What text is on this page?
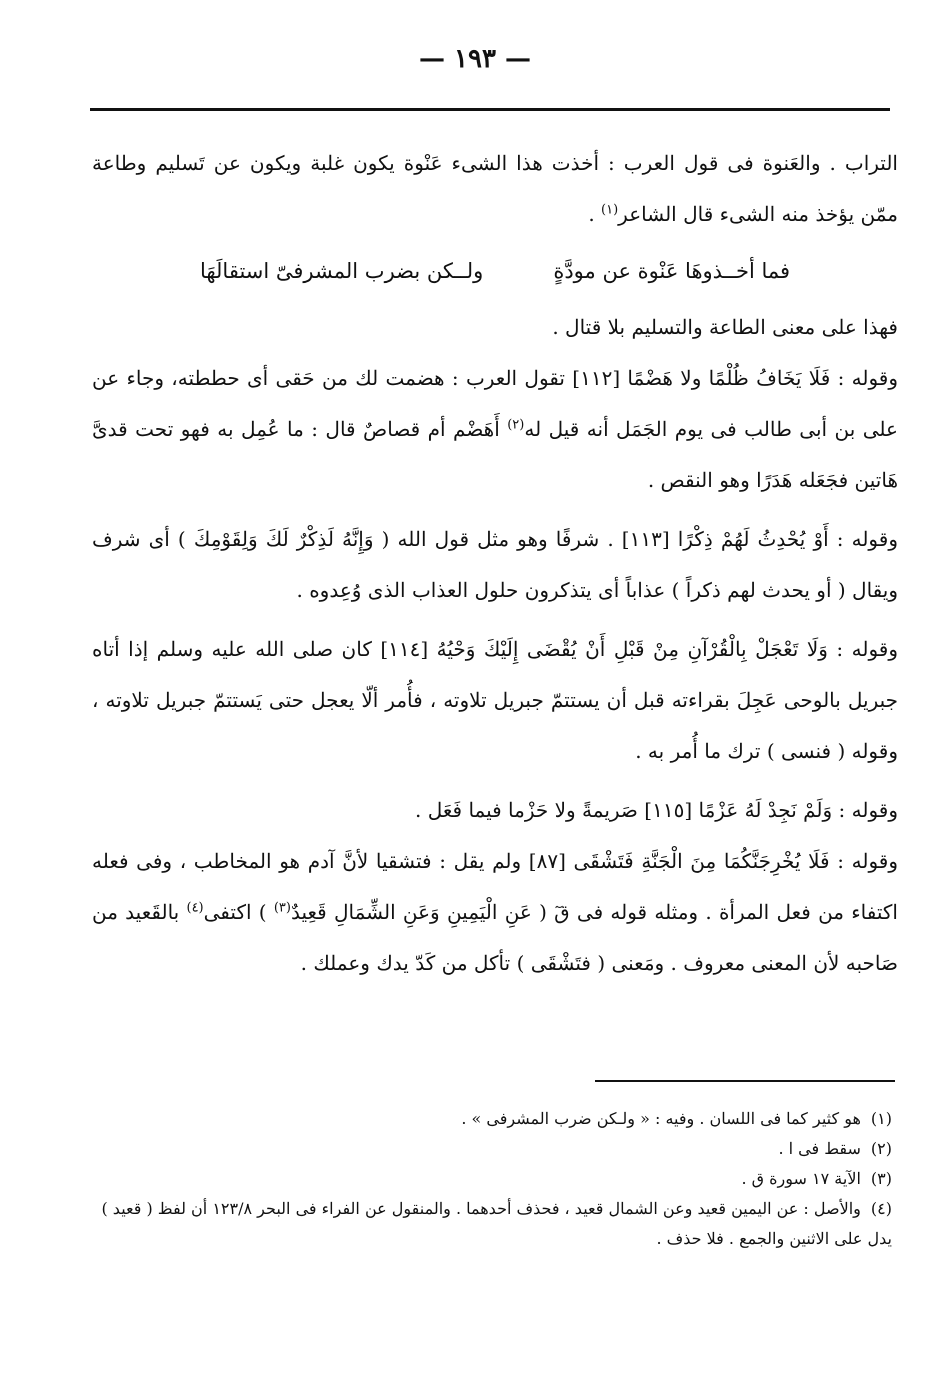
— ١٩٣ —

التراب . والعَنوة فى قول العرب : أخذت هذا الشىء عَنْوة يكون غلبة ويكون عن تَسليم وطاعة ممّن يؤخذ منه الشىء قال الشاعر$^{(١)}$ .

فما أخــذوهَا عَنْوة عن مودَّةٍ
ولــكن بضرب المشرفىّ استقالَهَا

فهذا على معنى الطاعة والتسليم بلا قتال .

وقوله : فَلَا يَخَافُ ظُلْمًا ولا هَضْمًا [١١٢] تقول العرب : هضمت لك من حَقى أى حططته، وجاء عن على بن أبى طالب فى يوم الجَمَل أنه قيل له$^{(٢)}$ أَهَضْم أم قصاصٌ قال : ما عُمِل به فهو تحت قدىَّ هَاتين فجَعَله هَدَرًا وهو النقص .

وقوله : أَوْ يُحْدِثُ لَهُمْ ذِكْرًا [١١٣] . شرفًا وهو مثل قول الله ( وَإِنَّهُ لَذِكْرٌ لَكَ وَلِقَوْمِكَ ) أى شرف ويقال ( أو يحدث لهم ذكراً ) عذاباً أى يتذكرون حلول العذاب الذى وُعِدوه .

وقوله : وَلَا تَعْجَلْ بِالْقُرْآنِ مِنْ قَبْلِ أَنْ يُقْضَى إِلَيْكَ وَحْيُهُ [١١٤] كان صلى الله عليه وسلم إذا أتاه جبريل بالوحى عَجِلَ بقراءته قبل أن يستتمّ جبريل تلاوته ، فأُمر ألّا يعجل حتى يَستتمّ جبريل تلاوته ، وقوله ( فنسى ) ترك ما أُمر به .

وقوله : وَلَمْ نَجِدْ لَهُ عَزْمًا [١١٥] صَريمةً ولا حَزْما فيما فَعَل .

وقوله : فَلَا يُخْرِجَنَّكُمَا مِنَ الْجَنَّةِ فَتَشْقَى [٨٧] ولم يقل : فتشقيا لأنَّ آدم هو المخاطب ، وفى فعله اكتفاء من فعل المرأة . ومثله قوله فى قٓ ( عَنِ الْيَمِينِ وَعَنِ الشِّمَالِ قَعِيدٌ$^{(٣)}$ ) اكتفى$^{(٤)}$ بالقَعيد من صَاحبه لأن المعنى معروف . ومَعنى ( فتَشْقَى ) تأكل من كَدّ يدك وعملك .

(١)هو كثير كما فى اللسان . وفيه : « ولـكن ضرب المشرفى » .

(٢)سقط فى ا .

(٣)الآية ١٧ سورة ق .

(٤)والأصل : عن اليمين قعيد وعن الشمال قعيد ، فحذف أحدهما . والمنقول عن الفراء فى البحر ١٢٣/٨ أن لفظ ( قعيد ) يدل على الاثنين والجمع . فلا حذف .
